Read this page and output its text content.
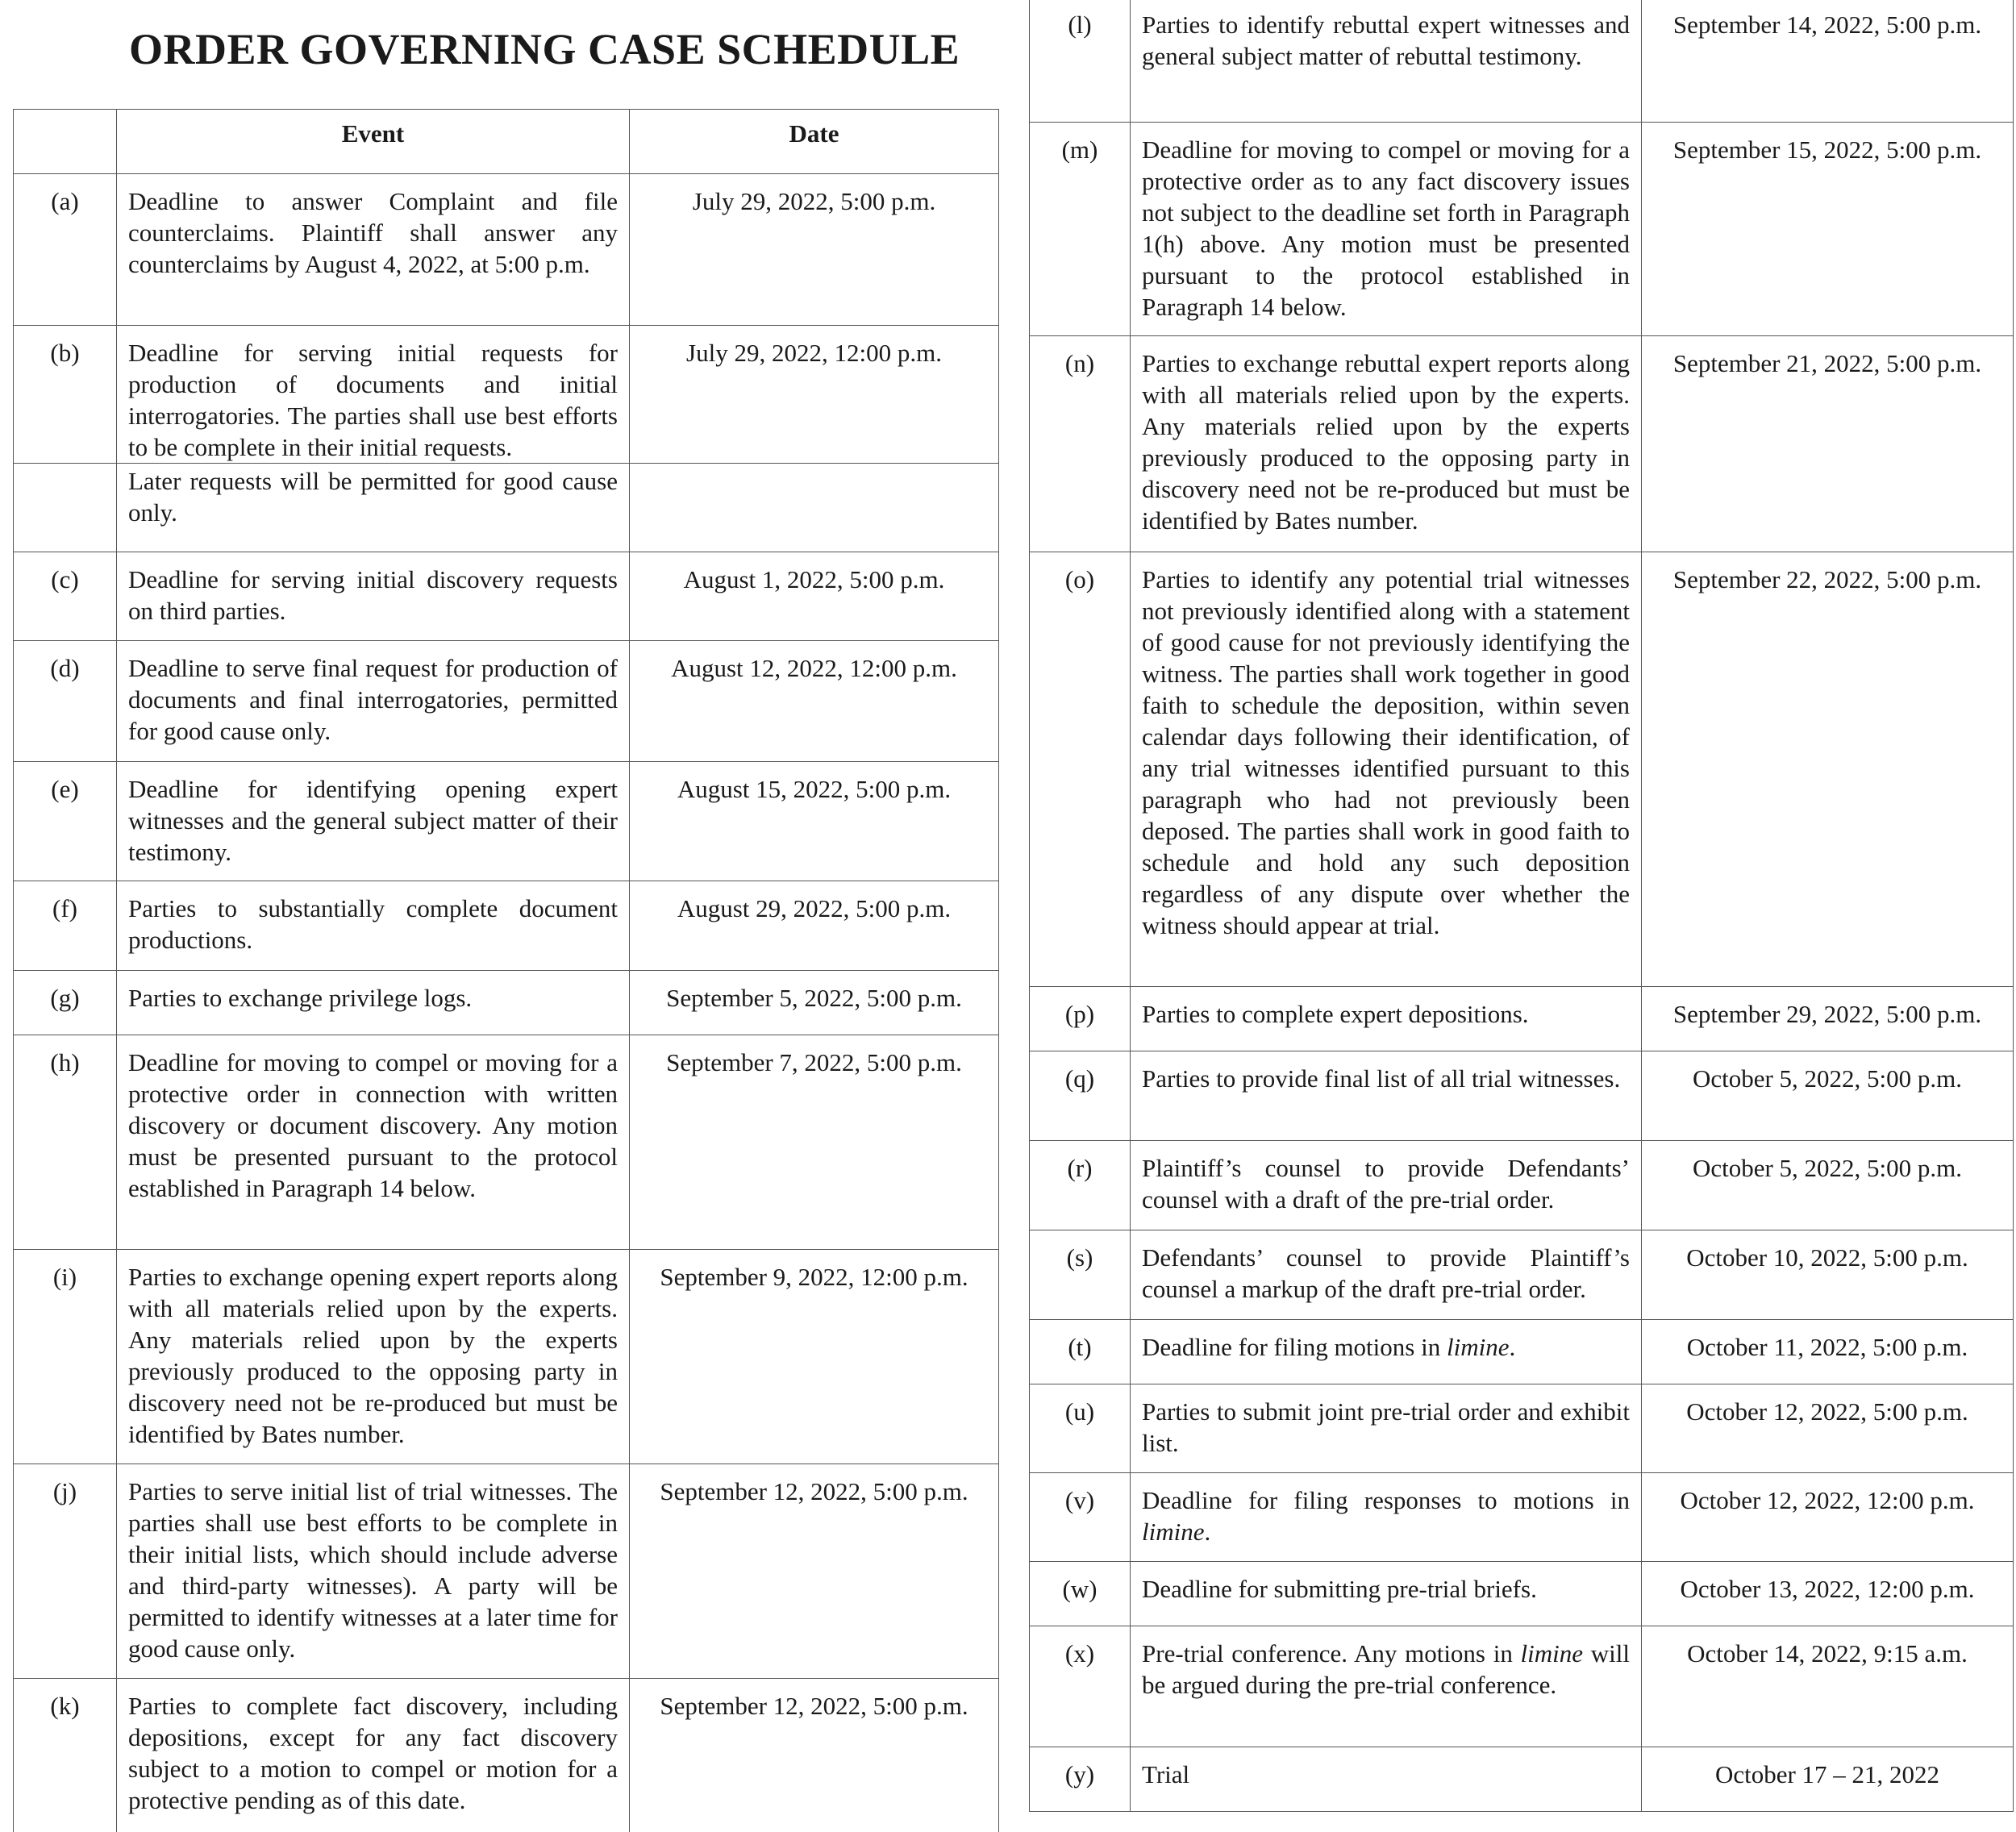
ORDER GOVERNING CASE SCHEDULE
	Event	Date
(a)	Deadline to answer Complaint and file counterclaims. Plaintiff shall answer any counterclaims by August 4, 2022, at 5:00 p.m.	July 29, 2022, 5:00 p.m.
(b)	Deadline for serving initial requests for production of documents and initial interrogatories. The parties shall use best efforts to be complete in their initial requests.	July 29, 2022, 12:00 p.m.
	Later requests will be permitted for good cause only.	
(c)	Deadline for serving initial discovery requests on third parties.	August 1, 2022, 5:00 p.m.
(d)	Deadline to serve final request for production of documents and final interrogatories, permitted for good cause only.	August 12, 2022, 12:00 p.m.
(e)	Deadline for identifying opening expert witnesses and the general subject matter of their testimony.	August 15, 2022, 5:00 p.m.
(f)	Parties to substantially complete document productions.	August 29, 2022, 5:00 p.m.
(g)	Parties to exchange privilege logs.	September 5, 2022, 5:00 p.m.
(h)	Deadline for moving to compel or moving for a protective order in connection with written discovery or document discovery. Any motion must be presented pursuant to the protocol established in Paragraph 14 below.	September 7, 2022, 5:00 p.m.
(i)	Parties to exchange opening expert reports along with all materials relied upon by the experts. Any materials relied upon by the experts previously produced to the opposing party in discovery need not be re-produced but must be identified by Bates number.	September 9, 2022, 12:00 p.m.
(j)	Parties to serve initial list of trial witnesses. The parties shall use best efforts to be complete in their initial lists, which should include adverse and third-party witnesses). A party will be permitted to identify witnesses at a later time for good cause only.	September 12, 2022, 5:00 p.m.
(k)	Parties to complete fact discovery, including depositions, except for any fact discovery subject to a motion to compel or motion for a protective pending as of this date.	September 12, 2022, 5:00 p.m.
(l)	Parties to identify rebuttal expert witnesses and general subject matter of rebuttal testimony.	September 14, 2022, 5:00 p.m.
(m)	Deadline for moving to compel or moving for a protective order as to any fact discovery issues not subject to the deadline set forth in Paragraph 1(h) above. Any motion must be presented pursuant to the protocol established in Paragraph 14 below.	September 15, 2022, 5:00 p.m.
(n)	Parties to exchange rebuttal expert reports along with all materials relied upon by the experts. Any materials relied upon by the experts previously produced to the opposing party in discovery need not be re-produced but must be identified by Bates number.	September 21, 2022, 5:00 p.m.
(o)	Parties to identify any potential trial witnesses not previously identified along with a statement of good cause for not previously identifying the witness. The parties shall work together in good faith to schedule the deposition, within seven calendar days following their identification, of any trial witnesses identified pursuant to this paragraph who had not previously been deposed. The parties shall work in good faith to schedule and hold any such deposition regardless of any dispute over whether the witness should appear at trial.	September 22, 2022, 5:00 p.m.
(p)	Parties to complete expert depositions.	September 29, 2022, 5:00 p.m.
(q)	Parties to provide final list of all trial witnesses.	October 5, 2022, 5:00 p.m.
(r)	Plaintiff’s counsel to provide Defendants’ counsel with a draft of the pre-trial order.	October 5, 2022, 5:00 p.m.
(s)	Defendants’ counsel to provide Plaintiff’s counsel a markup of the draft pre-trial order.	October 10, 2022, 5:00 p.m.
(t)	Deadline for filing motions in limine.	October 11, 2022, 5:00 p.m.
(u)	Parties to submit joint pre-trial order and exhibit list.	October 12, 2022, 5:00 p.m.
(v)	Deadline for filing responses to motions in limine.	October 12, 2022, 12:00 p.m.
(w)	Deadline for submitting pre-trial briefs.	October 13, 2022, 12:00 p.m.
(x)	Pre-trial conference. Any motions in limine will be argued during the pre-trial conference.	October 14, 2022, 9:15 a.m.
(y)	Trial	October 17 – 21, 2022
